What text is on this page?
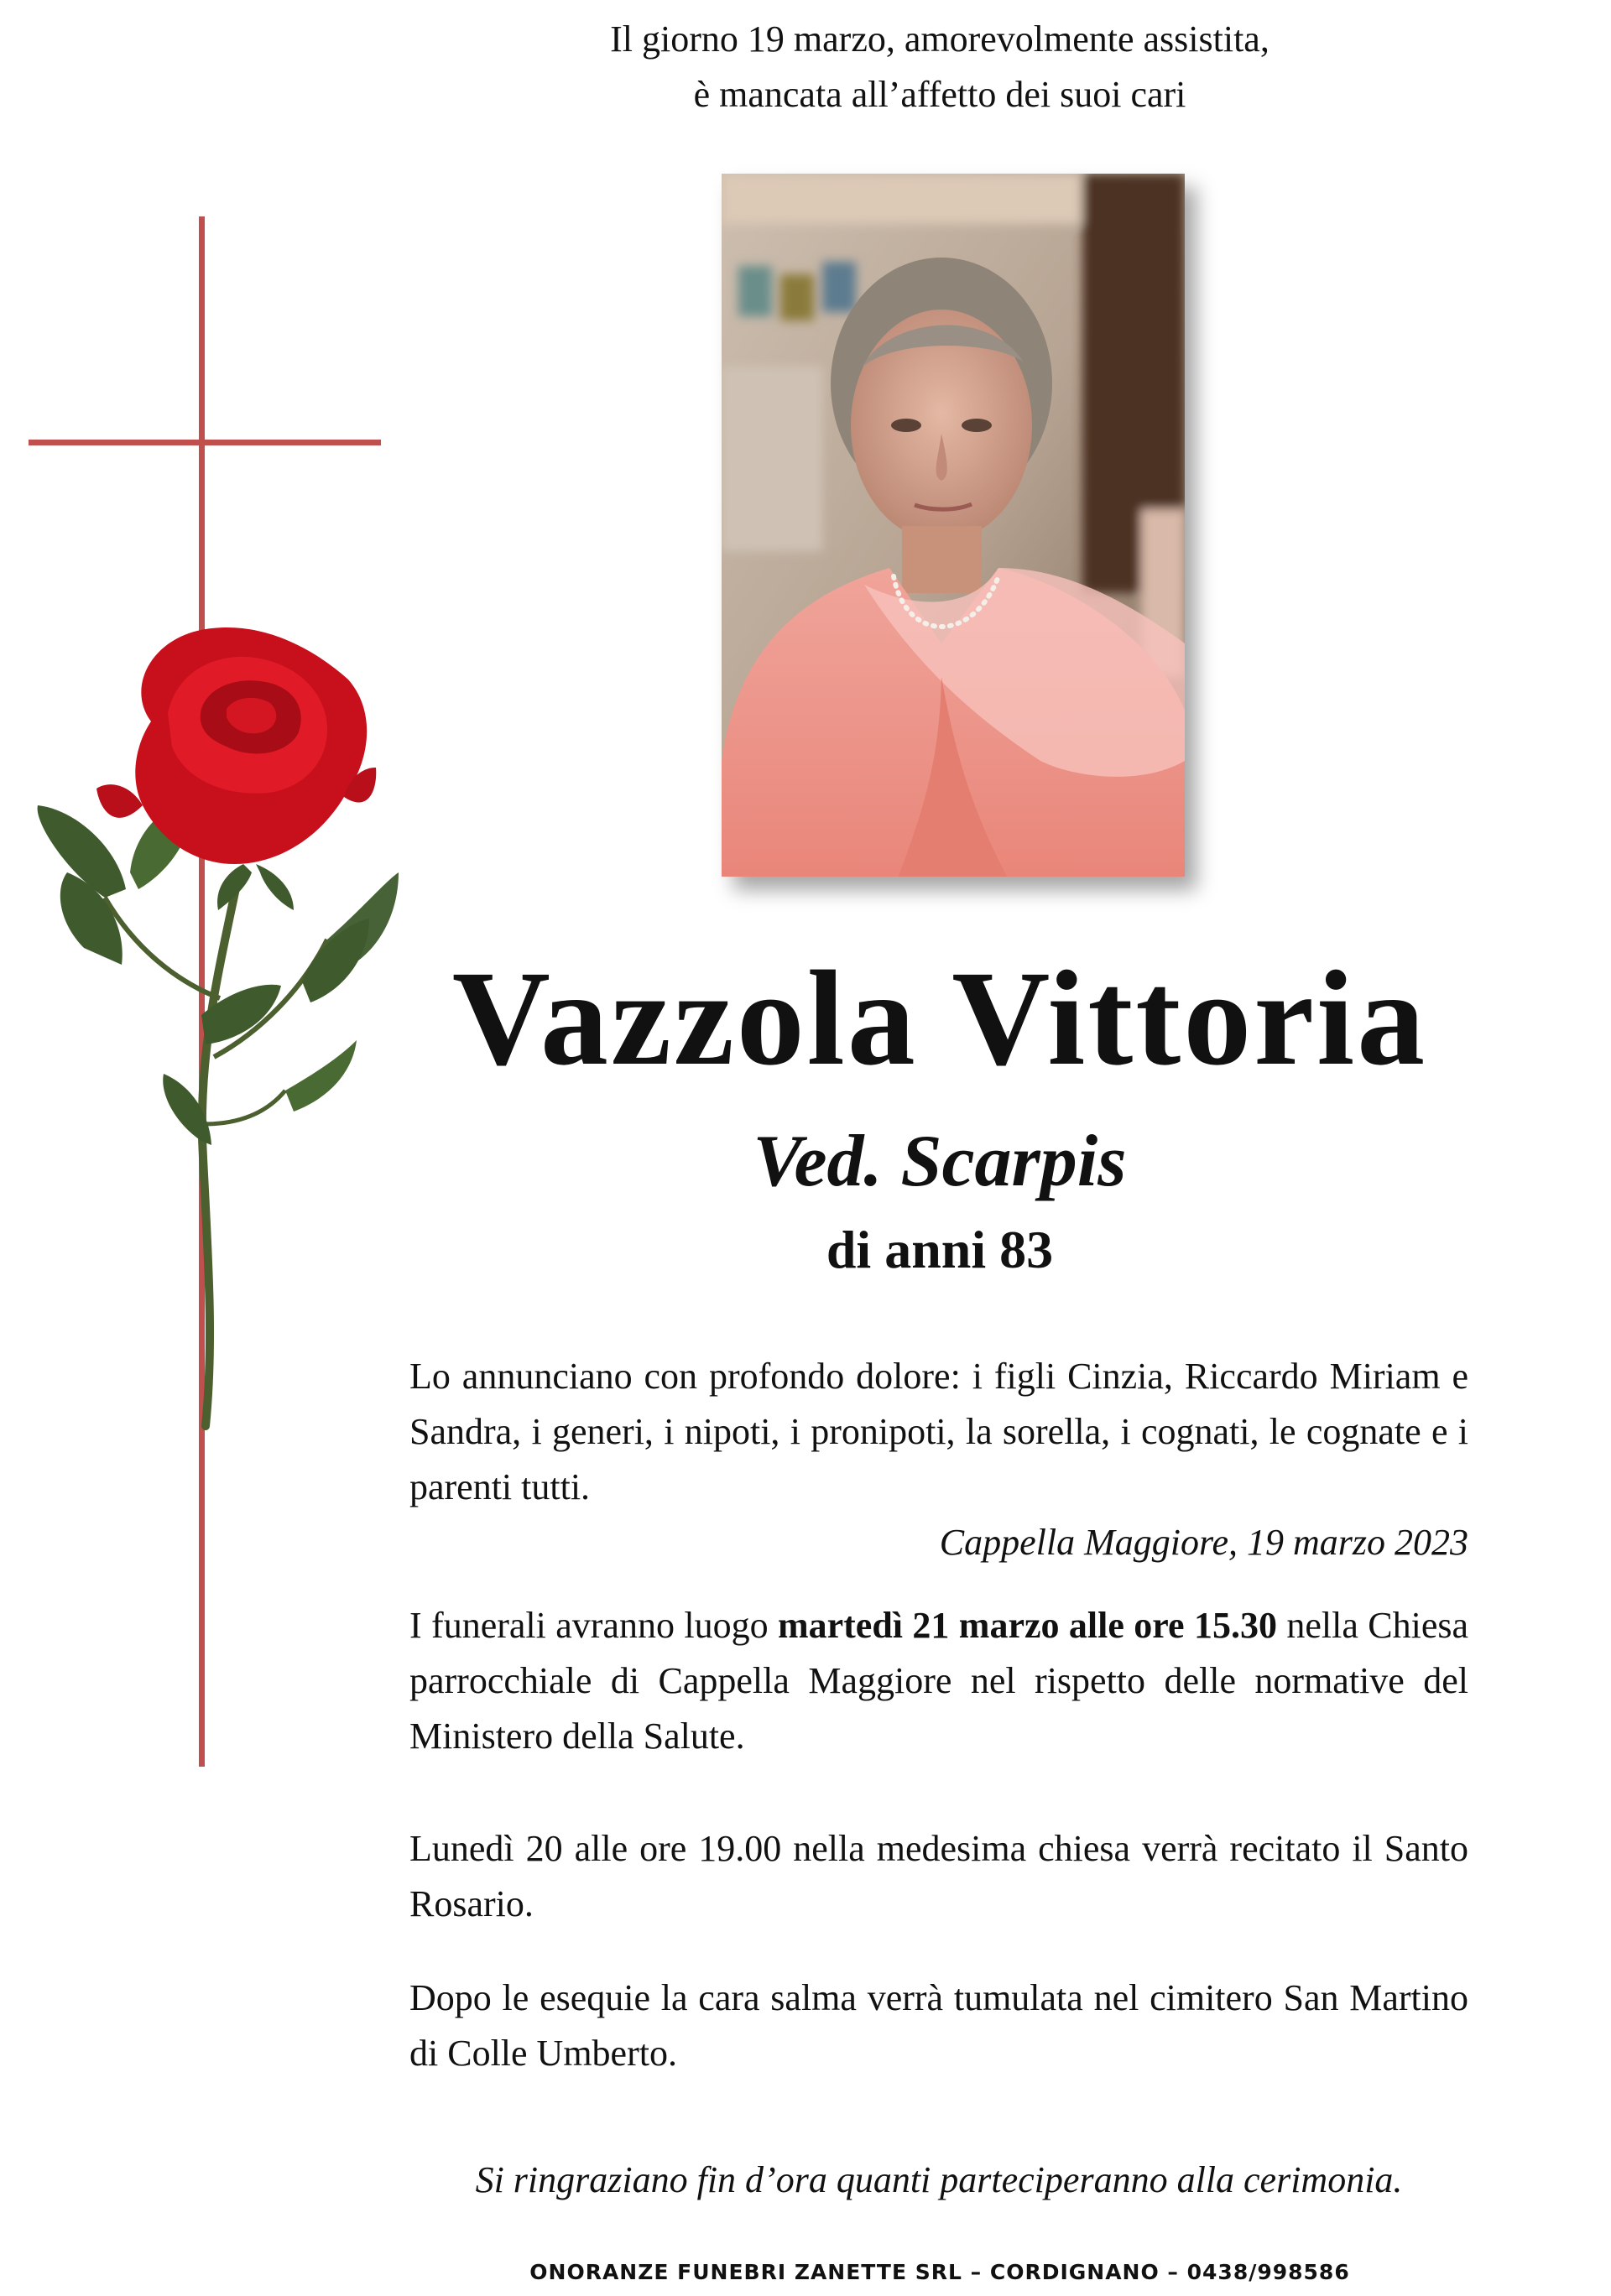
Il giorno 19 marzo, amorevolmente assistita,
è mancata all’affetto dei suoi cari
Vazzola Vittoria
Ved. Scarpis
di anni 83
Lo annunciano con profondo dolore: i figli Cinzia, Riccardo Miriam e Sandra, i generi, i nipoti, i pronipoti, la sorella, i cognati, le cognate e i parenti tutti.
Cappella Maggiore, 19 marzo 2023
I funerali avranno luogo martedì 21 marzo alle ore 15.30 nella Chiesa parrocchiale di Cappella Maggiore nel rispetto delle normative del Ministero della Salute.
Lunedì 20 alle ore 19.00 nella medesima chiesa verrà recitato il Santo Rosario.
Dopo le esequie la cara salma verrà tumulata nel cimitero San Martino di Colle Umberto.
Si ringraziano fin d’ora quanti parteciperanno alla cerimonia.
ONORANZE FUNEBRI ZANETTE SRL – CORDIGNANO – 0438/998586
